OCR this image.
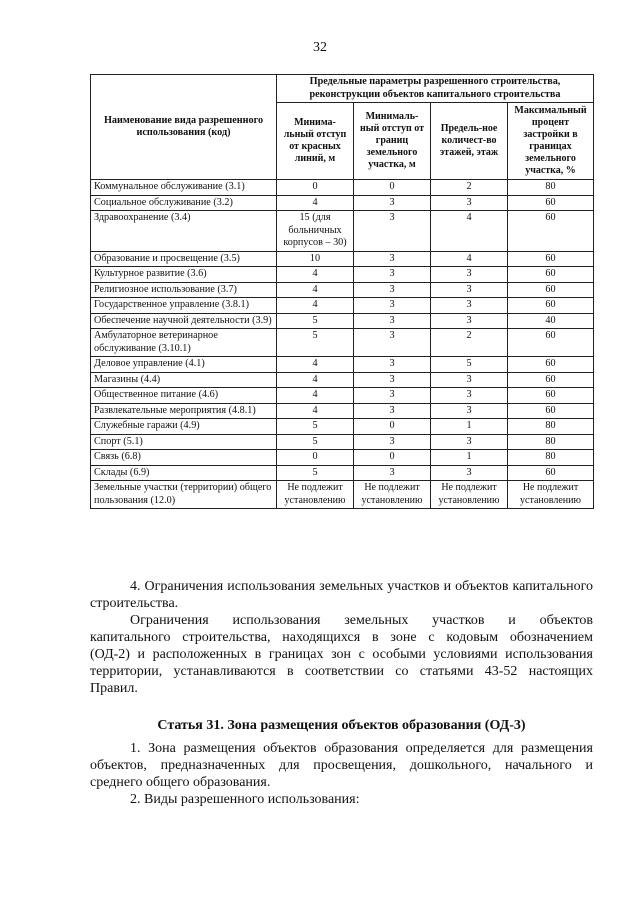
32
Наименование вида разрешенного использования (код)	Предельные параметры разрешенного строительства, реконструкции объектов капитального строительства			
	Минима-льный отступ от красных линий, м	Минималь-ный отступ от границ земельного участка, м	Предель-ное количест-во этажей, этаж	Максимальный процент застройки в границах земельного участка, %
Коммунальное обслуживание (3.1)	0	0	2	80
Социальное обслуживание (3.2)	4	3	3	60
Здравоохранение (3.4)	15 (для больничных корпусов – 30)	3	4	60
Образование и просвещение (3.5)	10	3	4	60
Культурное развитие (3.6)	4	3	3	60
Религиозное использование (3.7)	4	3	3	60
Государственное управление (3.8.1)	4	3	3	60
Обеспечение научной деятельности (3.9)	5	3	3	40
Амбулаторное ветеринарное обслуживание (3.10.1)	5	3	2	60
Деловое управление (4.1)	4	3	5	60
Магазины (4.4)	4	3	3	60
Общественное питание (4.6)	4	3	3	60
Развлекательные мероприятия (4.8.1)	4	3	3	60
Служебные гаражи (4.9)	5	0	1	80
Спорт (5.1)	5	3	3	80
Связь (6.8)	0	0	1	80
Склады (6.9)	5	3	3	60
Земельные участки (территории) общего пользования (12.0)	Не подлежит установлению	Не подлежит установлению	Не подлежит установлению	Не подлежит установлению
4. Ограничения использования земельных участков и объектов капитального строительства.
Ограничения использования земельных участков и объектов
капитального строительства, находящихся в зоне с кодовым обозначением
(ОД-2) и расположенных в границах зон с особыми условиями использования
территории, устанавливаются в соответствии со статьями 43-52 настоящих
Правил.
Статья 31. Зона размещения объектов образования (ОД-3)
1. Зона размещения объектов образования определяется для размещения
объектов, предназначенных для просвещения, дошкольного, начального и
среднего общего образования.
2. Виды разрешенного использования:
